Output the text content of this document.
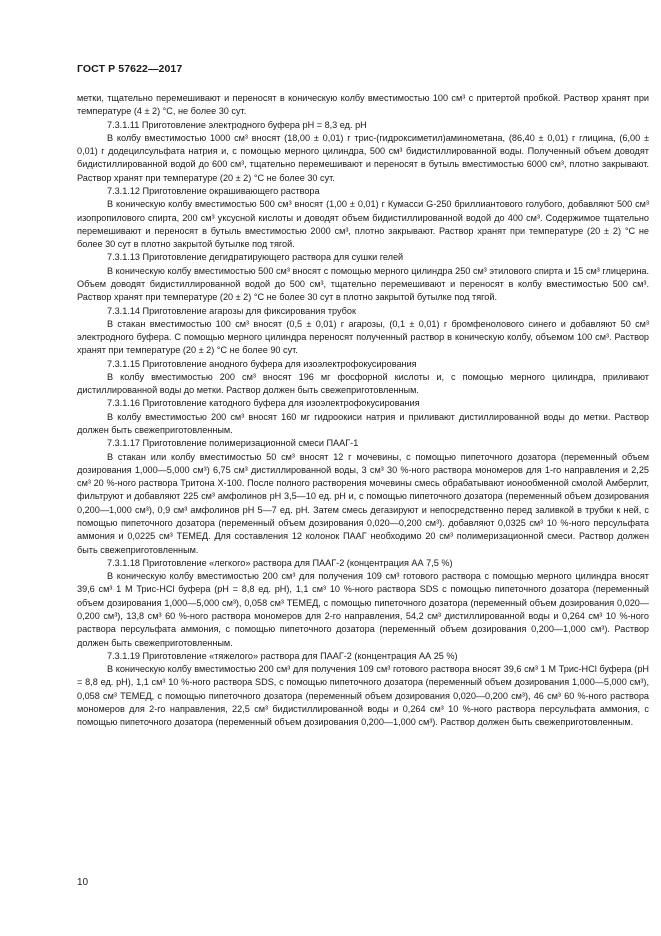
ГОСТ Р 57622—2017

метки, тщательно перемешивают и переносят в коническую колбу вместимостью 100 см³ с притертой пробкой. Раствор хранят при температуре (4 ± 2) °С, не более 30 сут.

7.3.1.11 Приготовление электродного буфера рН = 8,3 ед. рН

В колбу вместимостью 1000 см³ вносят (18,00 ± 0,01) г трис-(гидроксиметил)аминометана, (86,40 ± 0,01) г глицина, (6,00 ± 0,01) г додецилсульфата натрия и, с помощью мерного цилиндра, 500 см³ бидистиллированной воды. Полученный объем доводят бидистиллированной водой до 600 см³, тщательно перемешивают и переносят в бутыль вместимостью 6000 см³, плотно закрывают. Раствор хранят при температуре (20 ± 2) °С не более 30 сут.

7.3.1.12 Приготовление окрашивающего раствора

В коническую колбу вместимостью 500 см³ вносят (1,00 ± 0,01) г Кумасси G-250 бриллиантового голубого, добавляют 500 см³ изопропилового спирта, 200 см³ уксусной кислоты и доводят объем бидистиллированной водой до 400 см³. Содержимое тщательно перемешивают и переносят в бутыль вместимостью 2000 см³, плотно закрывают. Раствор хранят при температуре (20 ± 2) °С не более 30 сут в плотно закрытой бутылке под тягой.

7.3.1.13 Приготовление дегидратирующего раствора для сушки гелей

В коническую колбу вместимостью 500 см³ вносят с помощью мерного цилиндра 250 см³ этилового спирта и 15 см³ глицерина. Объем доводят бидистиллированной водой до 500 см³, тщательно перемешивают и переносят в колбу вместимостью 500 см³. Раствор хранят при температуре (20 ± 2) °С не более 30 сут в плотно закрытой бутылке под тягой.

7.3.1.14 Приготовление агарозы для фиксирования трубок

В стакан вместимостью 100 см³ вносят (0,5 ± 0,01) г агарозы, (0,1 ± 0,01) г бромфенолового синего и добавляют 50 см³ электродного буфера. С помощью мерного цилиндра переносят полученный раствор в коническую колбу, объемом 100 см³. Раствор хранят при температуре (20 ± 2) °С не более 90 сут.

7.3.1.15 Приготовление анодного буфера для изоэлектрофокусирования

В колбу вместимостью 200 см³ вносят 196 мг фосфорной кислоты и, с помощью мерного цилиндра, приливают дистиллированной воды до метки. Раствор должен быть свежеприготовленным.

7.3.1.16 Приготовление катодного буфера для изоэлектрофокусирования

В колбу вместимостью 200 см³ вносят 160 мг гидроокиси натрия и приливают дистиллированной воды до метки. Раствор должен быть свежеприготовленным.

7.3.1.17 Приготовление полимеризационной смеси ПААГ-1

В стакан или колбу вместимостью 50 см³ вносят 12 г мочевины, с помощью пипеточного дозатора (переменный объем дозирования 1,000—5,000 см³) 6,75 см³ дистиллированной воды, 3 см³ 30 %-ного раствора мономеров для 1-го направления и 2,25 см³ 20 %-ного раствора Тритона Х-100. После полного растворения мочевины смесь обрабатывают ионообменной смолой Амберлит, фильтруют и добавляют 225 см³ амфолинов рН 3,5—10 ед. рН и, с помощью пипеточного дозатора (переменный объем дозирования 0,200—1,000 см³), 0,9 см³ амфолинов рН 5—7 ед. рН. Затем смесь дегазируют и непосредственно перед заливкой в трубки к ней, с помощью пипеточного дозатора (переменный объем дозирования 0,020—0,200 см³). добавляют 0,0325 см³ 10 %-ного персульфата аммония и 0,0225 см³ ТЕМЕД. Для составления 12 колонок ПААГ необходимо 20 см³ полимеризационной смеси. Раствор должен быть свежеприготовленным.

7.3.1.18 Приготовление «легкого» раствора для ПААГ-2 (концентрация АА 7,5 %)

В коническую колбу вместимостью 200 см³ для получения 109 см³ готового раствора с помощью мерного цилиндра вносят 39,6 см³ 1 М Трис-HCl буфера (рН = 8,8 ед. рН), 1,1 см³ 10 %-ного раствора SDS с помощью пипеточного дозатора (переменный объем дозирования 1,000—5,000 см³), 0,058 см³ ТЕМЕД, с помощью пипеточного дозатора (переменный объем дозирования 0,020—0,200 см³), 13,8 см³ 60 %-ного раствора мономеров для 2-го направления, 54,2 см³ дистиллированной воды и 0,264 см³ 10 %-ного раствора персульфата аммония, с помощью пипеточного дозатора (переменный объем дозирования 0,200—1,000 см³). Раствор должен быть свежеприготовленным.

7.3.1.19 Приготовление «тяжелого» раствора для ПААГ-2 (концентрация АА 25 %)

В коническую колбу вместимостью 200 см³ для получения 109 см³ готового раствора вносят 39,6 см³ 1 М Трис-HCl буфера (рН = 8,8 ед. рН), 1,1 см³ 10 %-ного раствора SDS, с помощью пипеточного дозатора (переменный объем дозирования 1,000—5,000 см³), 0,058 см³ ТЕМЕД, с помощью пипеточного дозатора (переменный объем дозирования 0,020—0,200 см³), 46 см³ 60 %-ного раствора мономеров для 2-го направления, 22,5 см³ бидистиллированной воды и 0,264 см³ 10 %-ного раствора персульфата аммония, с помощью пипеточного дозатора (переменный объем дозирования 0,200—1,000 см³). Раствор должен быть свежеприготовленным.

10
